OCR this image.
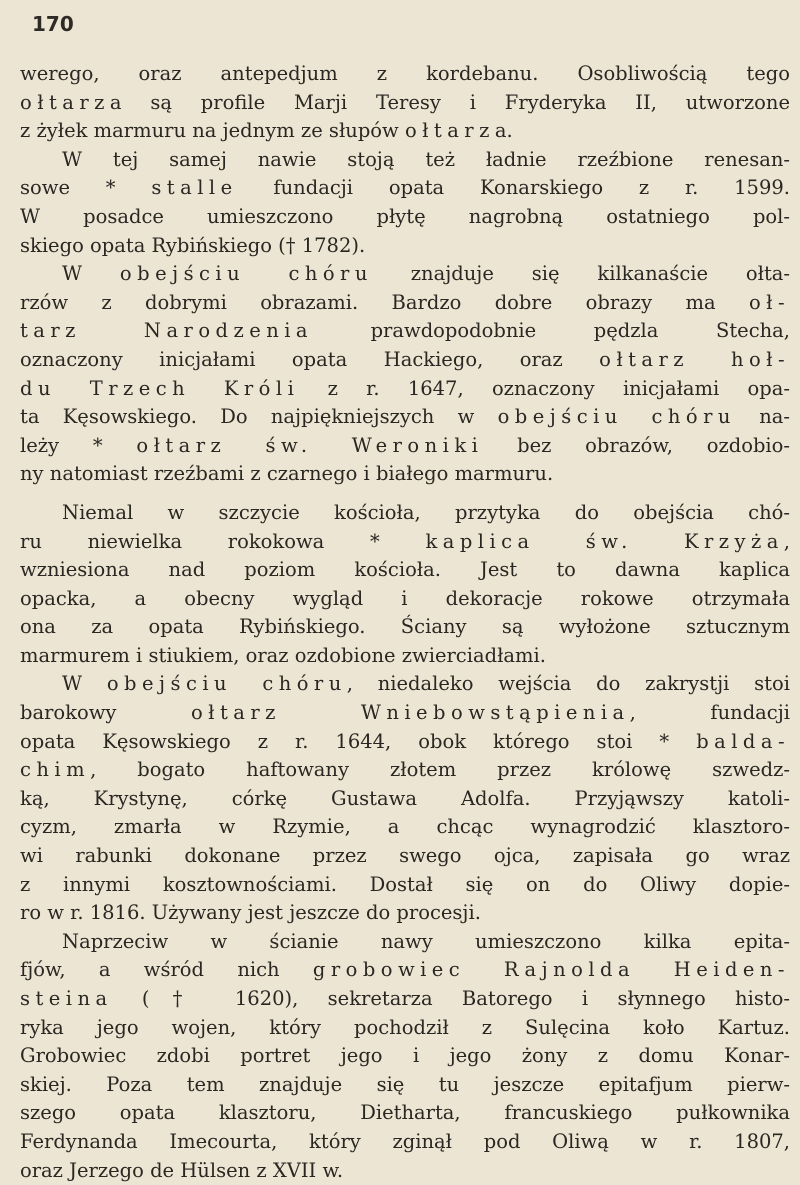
170
werego, oraz antepedjum z kordebanu. Osobliwością tego
ołtarza są profile Marji Teresy i Fryderyka II, utworzone
z żyłek marmuru na jednym ze słupów ołtarza.
W tej samej nawie stoją też ładnie rzeźbione renesan-
sowe * stalle fundacji opata Konarskiego z r. 1599.
W posadce umieszczono płytę nagrobną ostatniego pol-
skiego opata Rybińskiego († 1782).
W obejściu chóru znajduje się kilkanaście ołta-
rzów z dobrymi obrazami. Bardzo dobre obrazy ma oł-
tarz Narodzenia prawdopodobnie pędzla Stecha,
oznaczony inicjałami opata Hackiego, oraz ołtarz hoł-
du Trzech Króli z r. 1647, oznaczony inicjałami opa-
ta Kęsowskiego. Do najpiękniejszych w obejściu chóru na-
leży * ołtarz św. Weroniki bez obrazów, ozdobio-
ny natomiast rzeźbami z czarnego i białego marmuru.
Niemal w szczycie kościoła, przytyka do obejścia chó-
ru niewielka rokokowa * kaplica św. Krzyża,
wzniesiona nad poziom kościoła. Jest to dawna kaplica
opacka, a obecny wygląd i dekoracje rokowe otrzymała
ona za opata Rybińskiego. Ściany są wyłożone sztucznym
marmurem i stiukiem, oraz ozdobione zwierciadłami.
W obejściu chóru, niedaleko wejścia do zakrystji stoi
barokowy ołtarz Wniebowstąpienia, fundacji
opata Kęsowskiego z r. 1644, obok którego stoi * balda-
chim, bogato haftowany złotem przez królowę szwedz-
ką, Krystynę, córkę Gustawa Adolfa. Przyjąwszy katoli-
cyzm, zmarła w Rzymie, a chcąc wynagrodzić klasztoro-
wi rabunki dokonane przez swego ojca, zapisała go wraz
z innymi kosztownościami. Dostał się on do Oliwy dopie-
ro w r. 1816. Używany jest jeszcze do procesji.
Naprzeciw w ścianie nawy umieszczono kilka epita-
fjów, a wśród nich grobowiec Rajnolda Heiden-
steina († 1620), sekretarza Batorego i słynnego histo-
ryka jego wojen, który pochodził z Sulęcina koło Kartuz.
Grobowiec zdobi portret jego i jego żony z domu Konar-
skiej. Poza tem znajduje się tu jeszcze epitafjum pierw-
szego opata klasztoru, Dietharta, francuskiego pułkownika
Ferdynanda Imecourta, który zginął pod Oliwą w r. 1807,
oraz Jerzego de Hülsen z XVII w.
